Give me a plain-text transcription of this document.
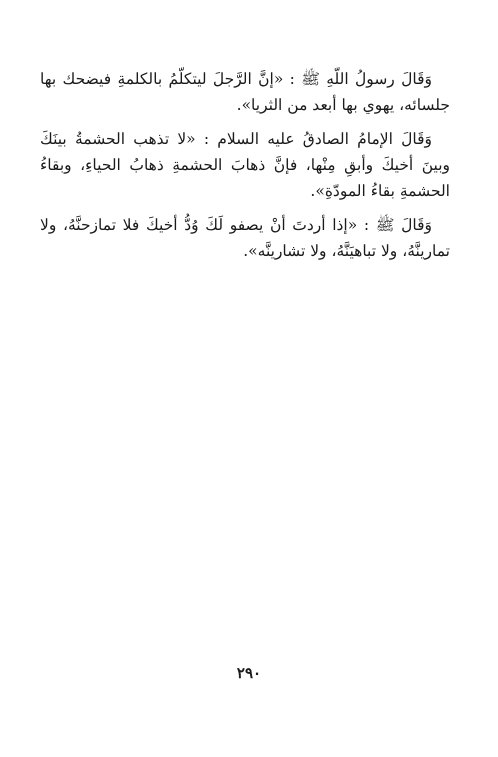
وَقَالَ رسولُ اللّهِ ﷺ : «إنَّ الرَّجلَ ليتكلّمُ بالكلمةِ فيضحك بها جلسائه، يهوي بها أبعد من الثريا».

وَقَالَ الإمامُ الصادقُ عليه السلام : «لا تذهب الحشمةُ بينَكَ وبينَ أخيكَ وأبقِ مِنْها، فإنَّ ذهابَ الحشمةِ ذهابُ الحياءِ، وبقاءُ الحشمةِ بقاءُ المودّةِ».

وَقَالَ ﷺ : «إذا أردتَ أنْ يصفو لَكَ وُدُّ أخيكَ فلا تمازحنَّهُ، ولا تمارينَّهُ، ولا تباهيَنَّهُ، ولا تشارينَّه».

٢٩٠
